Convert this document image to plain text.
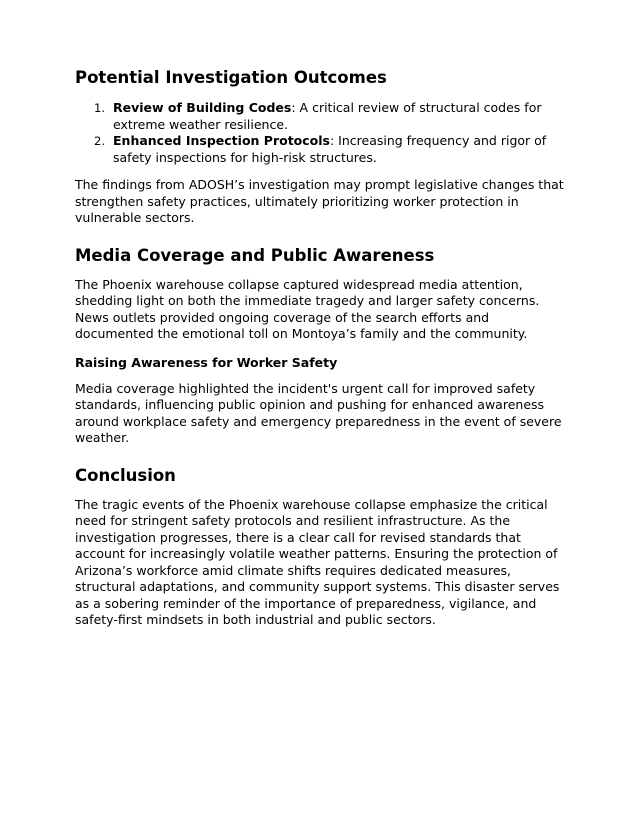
Potential Investigation Outcomes
1. Review of Building Codes: A critical review of structural codes for extreme weather resilience.
2. Enhanced Inspection Protocols: Increasing frequency and rigor of safety inspections for high-risk structures.

The findings from ADOSH’s investigation may prompt legislative changes that strengthen safety practices, ultimately prioritizing worker protection in vulnerable sectors.

Media Coverage and Public Awareness

The Phoenix warehouse collapse captured widespread media attention, shedding light on both the immediate tragedy and larger safety concerns. News outlets provided ongoing coverage of the search efforts and documented the emotional toll on Montoya’s family and the community.

Raising Awareness for Worker Safety

Media coverage highlighted the incident's urgent call for improved safety standards, influencing public opinion and pushing for enhanced awareness around workplace safety and emergency preparedness in the event of severe weather.

Conclusion

The tragic events of the Phoenix warehouse collapse emphasize the critical need for stringent safety protocols and resilient infrastructure. As the investigation progresses, there is a clear call for revised standards that account for increasingly volatile weather patterns. Ensuring the protection of Arizona’s workforce amid climate shifts requires dedicated measures, structural adaptations, and community support systems. This disaster serves as a sobering reminder of the importance of preparedness, vigilance, and safety-first mindsets in both industrial and public sectors.
